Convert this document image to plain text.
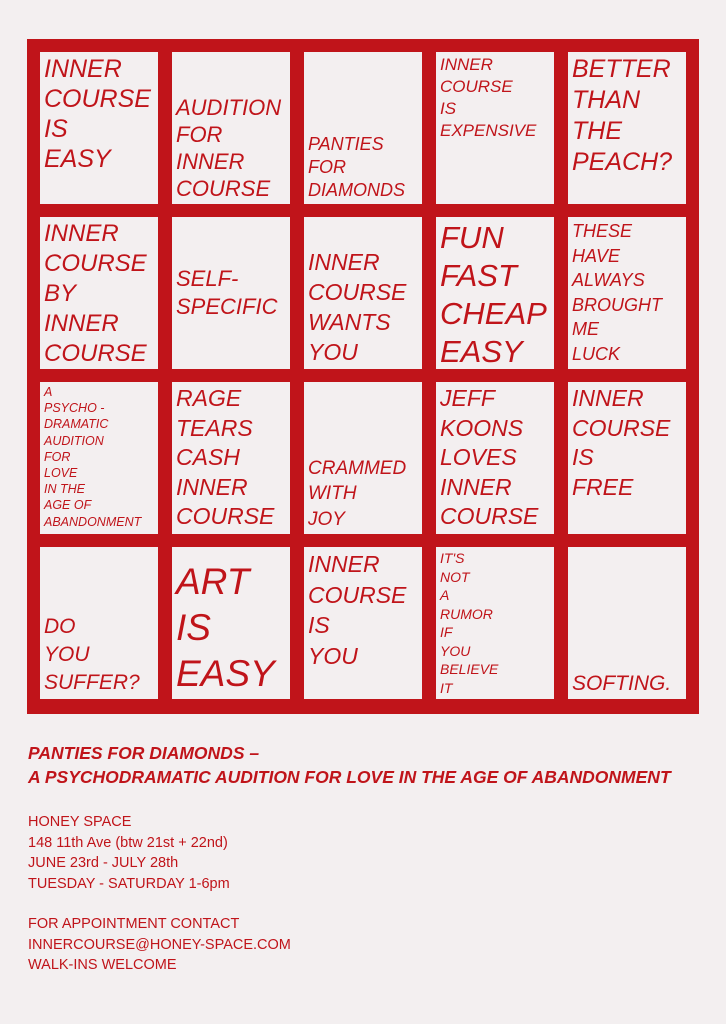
INNER
COURSE
IS
EASY
AUDITION
FOR
INNER
COURSE
PANTIES
FOR
DIAMONDS
INNER
COURSE
IS
EXPENSIVE
BETTER
THAN
THE
PEACH?
INNER
COURSE
BY
INNER
COURSE
SELF-
SPECIFIC
INNER
COURSE
WANTS
YOU
FUN
FAST
CHEAP
EASY
THESE
HAVE
ALWAYS
BROUGHT
ME
LUCK
A
PSYCHO -
DRAMATIC
AUDITION
FOR
LOVE
IN THE
AGE OF
ABANDONMENT
RAGE
TEARS
CASH
INNER
COURSE
CRAMMED
WITH
JOY
JEFF
KOONS
LOVES
INNER
COURSE
INNER
COURSE
IS
FREE
DO
YOU
SUFFER?
ART
IS
EASY
INNER
COURSE
IS
YOU
IT'S
NOT
A
RUMOR
IF
YOU
BELIEVE
IT	SOFTING.
PANTIES FOR DIAMONDS –
A PSYCHODRAMATIC AUDITION FOR LOVE IN THE AGE OF ABANDONMENT
HONEY SPACE
148 11th Ave (btw 21st + 22nd)
JUNE 23rd - JULY 28th
TUESDAY - SATURDAY 1-6pm
FOR APPOINTMENT CONTACT
INNERCOURSE@HONEY-SPACE.COM
WALK-INS WELCOME
